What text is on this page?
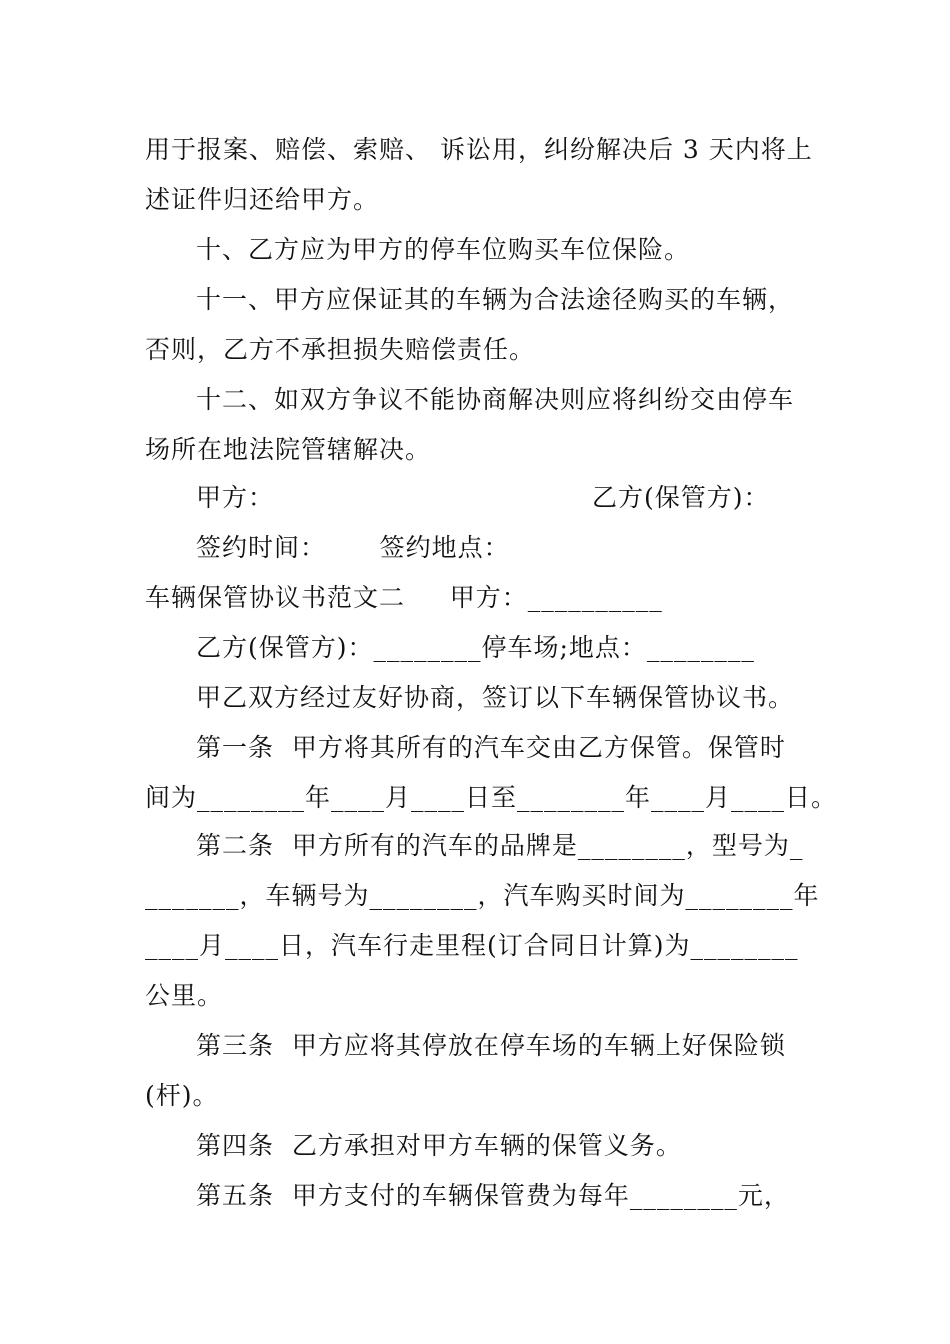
用于报案、赔偿、索赔、 诉讼用，纠纷解决后 3 天内将上
述证件归还给甲方。
十、乙方应为甲方的停车位购买车位保险。
十一、甲方应保证其的车辆为合法途径购买的车辆，
否则，乙方不承担损失赔偿责任。
十二、如双方争议不能协商解决则应将纠纷交由停车
场所在地法院管辖解决。
甲方：	乙方(保管方)：
签约时间：      签约地点：
车辆保管协议书范文二     甲方：__________
乙方(保管方)：________停车场;地点：________
甲乙双方经过友好协商，签订以下车辆保管协议书。
第一条  甲方将其所有的汽车交由乙方保管。保管时
间为________年____月____日至________年____月____日。
第二条  甲方所有的汽车的品牌是________，型号为_
_______，车辆号为________，汽车购买时间为________年
____月____日，汽车行走里程(订合同日计算)为________
公里。
第三条  甲方应将其停放在停车场的车辆上好保险锁
(杆)。
第四条  乙方承担对甲方车辆的保管义务。
第五条  甲方支付的车辆保管费为每年________元，
